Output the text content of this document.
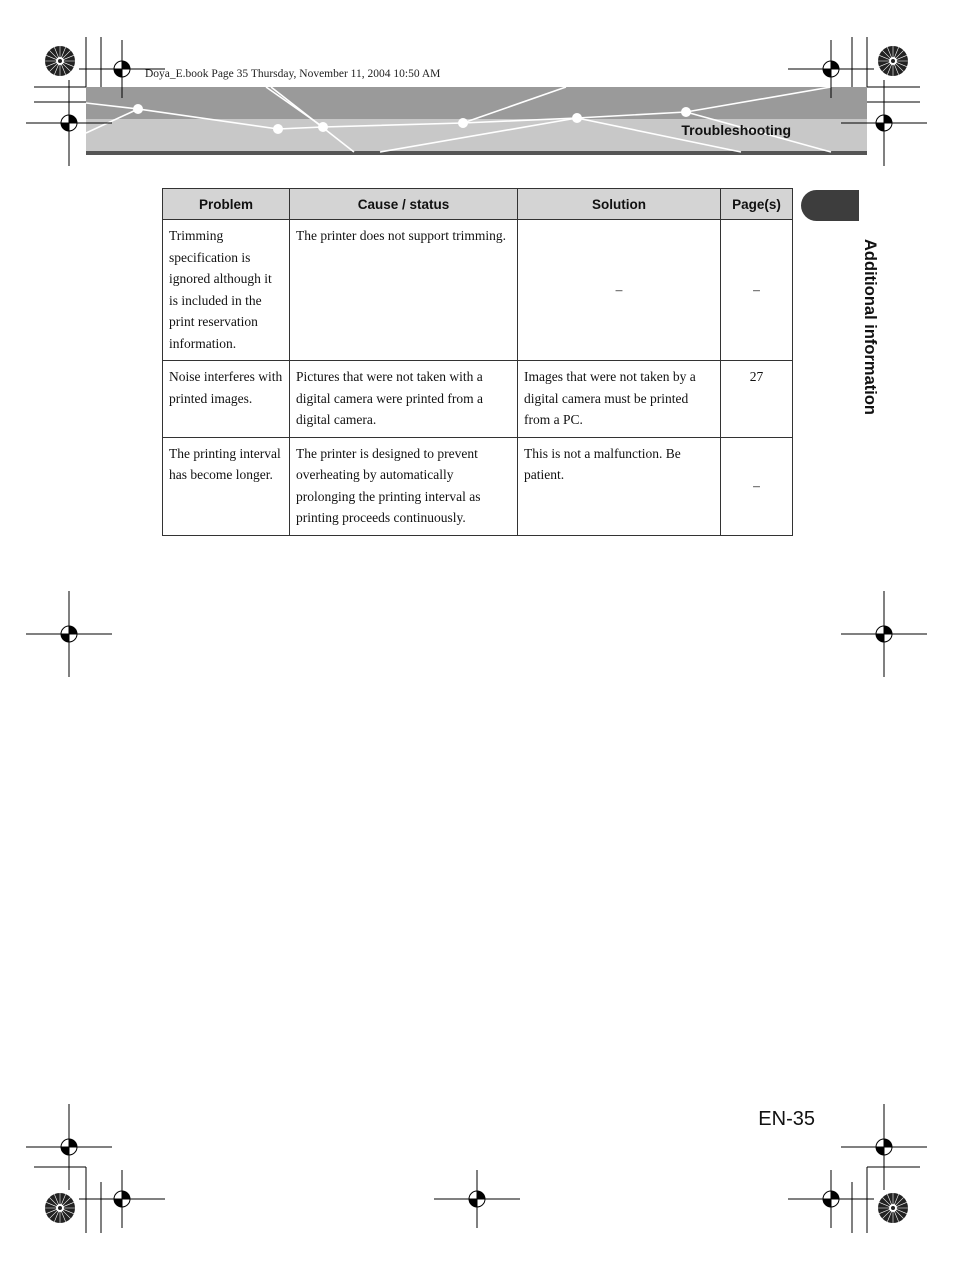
Doya_E.book Page 35 Thursday, November 11, 2004 10:50 AM
Troubleshooting
Additional information
Problem	Cause / status	Solution	Page(s)
Trimming specification is ignored although it is included in the print reservation information.	The printer does not support trimming.	–	–
Noise interferes with printed images.	Pictures that were not taken with a digital camera were printed from a digital camera.	Images that were not taken by a digital camera must be printed from a PC.	27
The printing interval has become longer.	The printer is designed to prevent overheating by automatically prolonging the printing interval as printing proceeds continuously.	This is not a malfunction. Be patient.	–
EN-35
